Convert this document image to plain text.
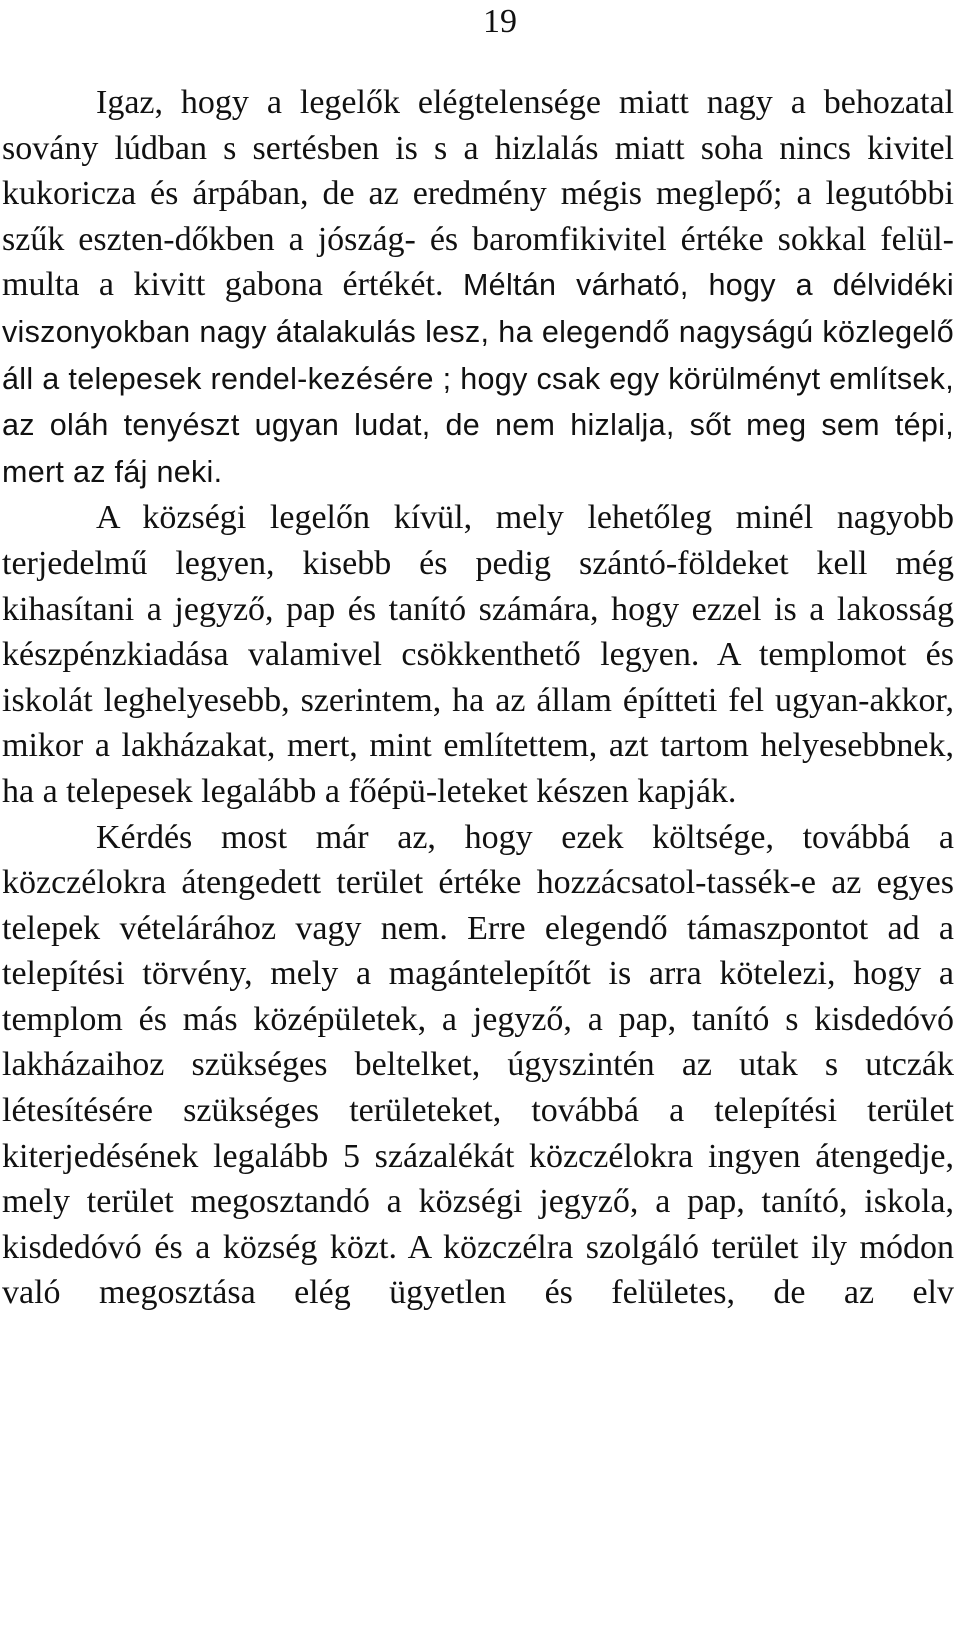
19

Igaz, hogy a legelők elégtelensége miatt nagy a behozatal sovány lúdban s sertésben is s a hizlalás miatt soha nincs kivitel kukoricza és árpában, de az eredmény mégis meglepő; a legutóbbi szűk eszten-dőkben a jószág- és baromfikivitel értéke sokkal felül-multa a kivitt gabona értékét. Méltán várható, hogy a délvidéki viszonyokban nagy átalakulás lesz, ha elegendő nagyságú közlegelő áll a telepesek rendel-kezésére ; hogy csak egy körülményt említsek, az oláh tenyészt ugyan ludat, de nem hizlalja, sőt meg sem tépi, mert az fáj neki.

A községi legelőn kívül, mely lehetőleg minél nagyobb terjedelmű legyen, kisebb és pedig szántó-földeket kell még kihasítani a jegyző, pap és tanító számára, hogy ezzel is a lakosság készpénzkiadása valamivel csökkenthető legyen. A templomot és iskolát leghelyesebb, szerintem, ha az állam építteti fel ugyan-akkor, mikor a lakházakat, mert, mint említettem, azt tartom helyesebbnek, ha a telepesek legalább a főépü-leteket készen kapják.

Kérdés most már az, hogy ezek költsége, továbbá a közczélokra átengedett terület értéke hozzácsatol-tassék-e az egyes telepek vételárához vagy nem. Erre elegendő támaszpontot ad a telepítési törvény, mely a magántelepítőt is arra kötelezi, hogy a templom és más középületek, a jegyző, a pap, tanító s kisdedóvó lakházaihoz szükséges beltelket, úgyszintén az utak s utczák létesítésére szükséges területeket, továbbá a telepítési terület kiterjedésének legalább 5 százalékát közczélokra ingyen átengedje, mely terület megosztandó a községi jegyző, a pap, tanító, iskola, kisdedóvó és a község közt. A közczélra szolgáló terület ily módon való megosztása elég ügyetlen és felületes, de az elv
